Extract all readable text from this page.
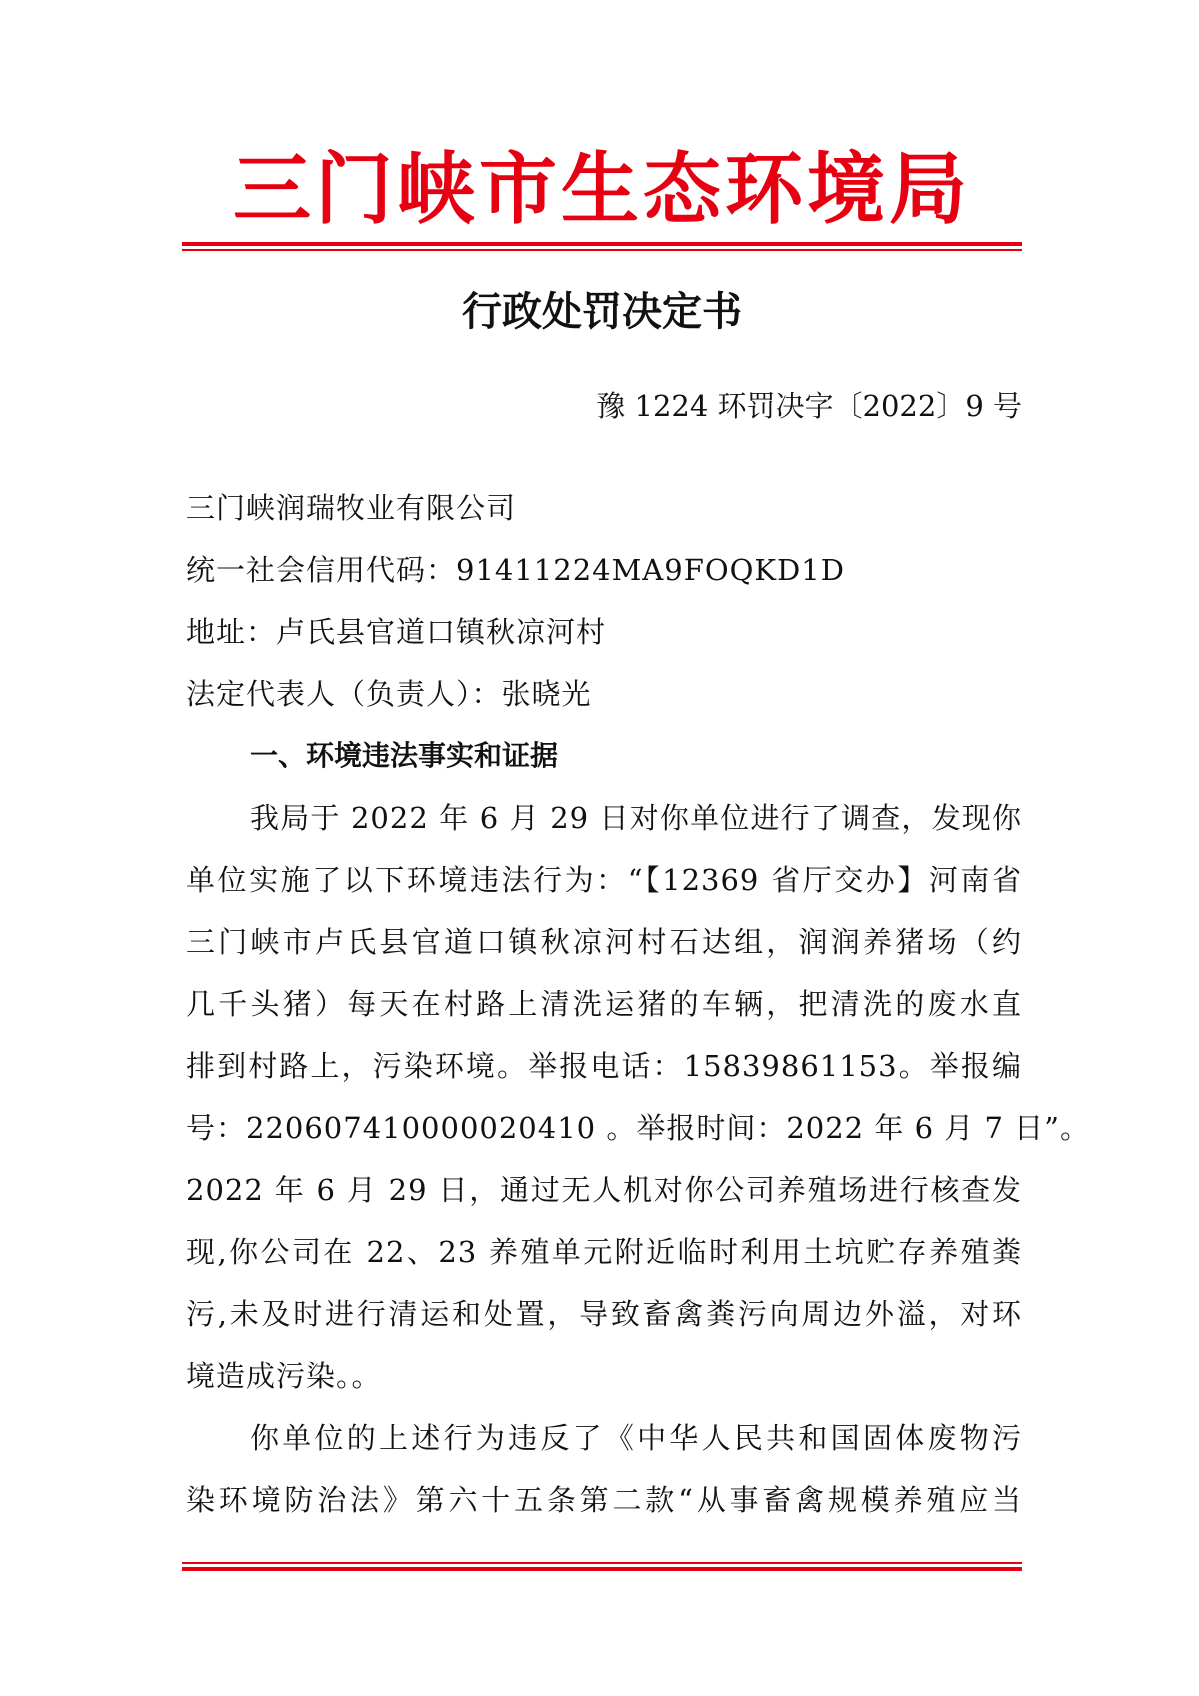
三门峡市生态环境局
行政处罚决定书
豫 1224 环罚决字〔2022〕9 号
三门峡润瑞牧业有限公司
统一社会信用代码：91411224MA9FOQKD1D
地址：卢氏县官道口镇秋凉河村
法定代表人（负责人）：张晓光
一、环境违法事实和证据
我局于 2022 年 6 月 29 日对你单位进行了调查，发现你
单位实施了以下环境违法行为：“【12369 省厅交办】河南省
三门峡市卢氏县官道口镇秋凉河村石达组，润润养猪场（约
几千头猪）每天在村路上清洗运猪的车辆，把清洗的废水直
排到村路上，污染环境。举报电话：15839861153。举报编
号：220607410000020410 。举报时间：2022 年 6 月 7 日”。
2022 年 6 月 29 日，通过无人机对你公司养殖场进行核查发
现,你公司在 22、23 养殖单元附近临时利用土坑贮存养殖粪
污,未及时进行清运和处置，导致畜禽粪污向周边外溢，对环
境造成污染。。
你单位的上述行为违反了《中华人民共和国固体废物污
染环境防治法》第六十五条第二款“从事畜禽规模养殖应当
